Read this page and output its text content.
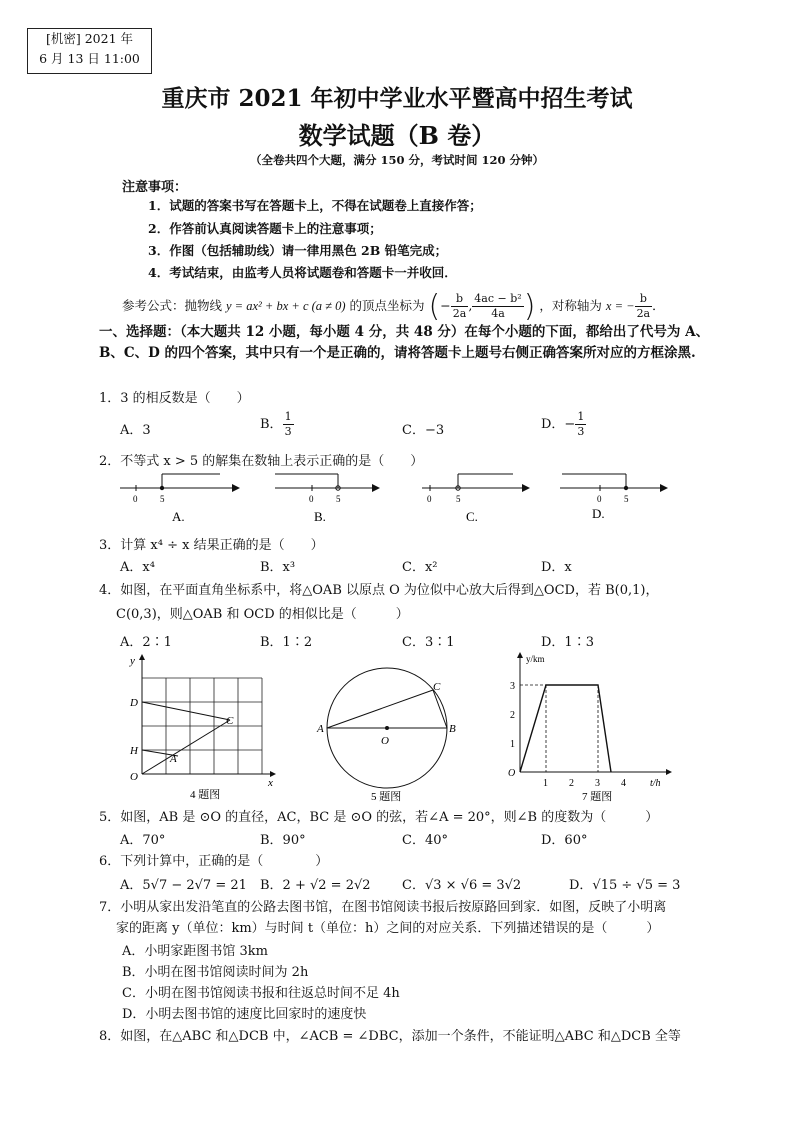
[机密] 2021 年
6 月 13 日 11:00
重庆市 2021 年初中学业水平暨高中招生考试
数学试题（B 卷）
（全卷共四个大题，满分 150 分，考试时间 120 分钟）
注意事项：
1．试题的答案书写在答题卡上，不得在试题卷上直接作答；
2．作答前认真阅读答题卡上的注意事项；
3．作图（包括辅助线）请一律用黑色 2B 铅笔完成；
4．考试结束，由监考人员将试题卷和答题卡一并收回．
参考公式：抛物线 y = ax² + bx + c (a ≠ 0) 的顶点坐标为 (− $\frac{b}{2a}$ , $\frac{\text{4ac − b²}}{4a}$ ) ，对称轴为 x = − $\frac{b}{2a}$ ．
一、选择题：（本大题共 12 小题，每小题 4 分，共 48 分）在每个小题的下面，都给出了代号为 A、B、C、D 的四个答案，其中只有一个是正确的，请将答题卡上题号右侧正确答案所对应的方框涂黑.
1．3 的相反数是（　　）
A．3	B． $\frac{1}{3}$	C．−3	D．− $\frac{1}{3}$
2．不等式 x > 5 的解集在数轴上表示正确的是（　　）
0	5
A.
0	5
B.
0	5
C.
0	5
D.
3．计算 x⁴ ÷ x 结果正确的是（　　）
A．x⁴	B．x³	C．x²	D．x
4．如图，在平面直角坐标系中，将△OAB 以原点 O 为位似中心放大后得到△OCD，若 B(0,1)，
C(0,3)，则△OAB 和 OCD 的相似比是（　　　）
A．2∶1	B．1∶2	C．3∶1	D．1∶3
y
D
H
O
A
C
x
4 题图
A
O
B
C
5 题图
y/km
t/h
3
2
1
O
1 2 3 4
7 题图
5．如图，AB 是 ⊙O 的直径，AC，BC 是 ⊙O 的弦，若∠A = 20°，则∠B 的度数为（　　　）
A．70°	B．90°	C．40°	D．60°
6．下列计算中，正确的是（　　　　）
A．5√7 − 2√7 = 21 B．2 + √2 = 2√2 C．√3 × √6 = 3√2	D．√15 ÷ √5 = 3
7．小明从家出发沿笔直的公路去图书馆，在图书馆阅读书报后按原路回到家．如图，反映了小明离
家的距离 y（单位：km）与时间 t（单位：h）之间的对应关系．下列描述错误的是（　　　）
A．小明家距图书馆 3km
B．小明在图书馆阅读时间为 2h
C．小明在图书馆阅读书报和往返总时间不足 4h
D．小明去图书馆的速度比回家时的速度快
8．如图，在△ABC 和△DCB 中，∠ACB = ∠DBC，添加一个条件，不能证明△ABC 和△DCB 全等
